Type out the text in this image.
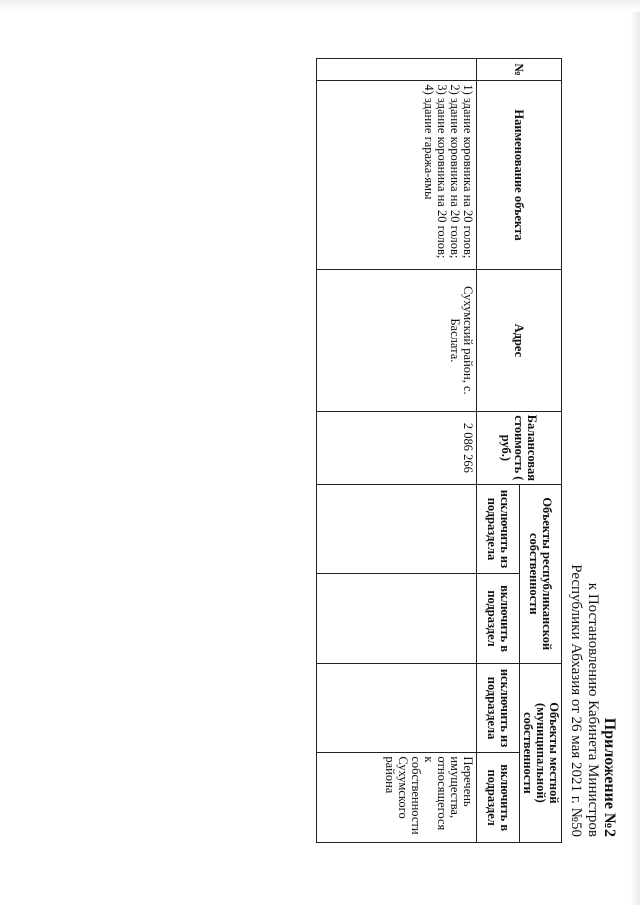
Приложение №2
к Постановлению Кабинета Министров
Республики Абхазия от 26 мая 2021 г. №50
№	Наименование объекта	Адрес	Балансовая стоимость ( руб.)	Объекты республиканской собственности		Объекты местной (муниципальной) собственности	
				исключить из подраздела	включить в подраздел	исключить из подраздела	включить в подраздел

	1) здание коровника на 20 голов;
2) здание коровника на 20 голов;
3) здание коровника на 20 голов;
4) здание гаража-ямы	Сухумский район, с. Баслата.	2 086 266				Перечень имущества, относящегося к собственности Сухумского района
